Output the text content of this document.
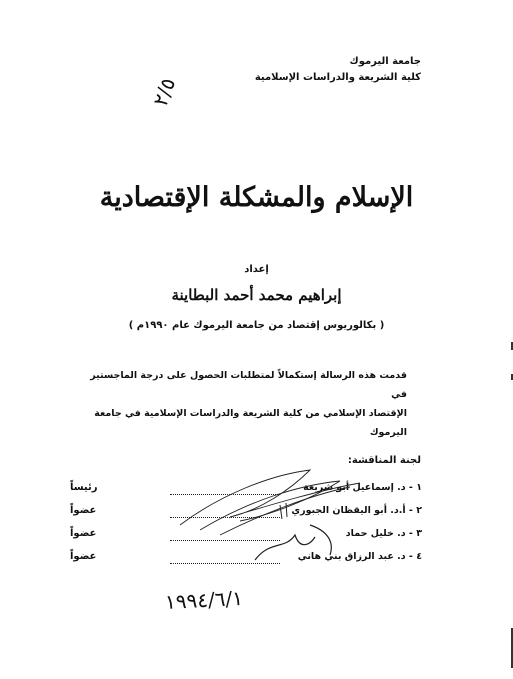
جامعة اليرموك
كلية الشريعة والدراسات الإسلامية
٢/٥
الإسلام والمشكلة الإقتصادية
إعداد
إبراهيم محمد أحمد البطاينة
( بكالوريوس إقتصاد من جامعة اليرموك عام ١٩٩٠م )
قدمت هذه الرسالة إستكمالاً لمتطلبات الحصول على درجة الماجستير في
الإقتصاد الإسلامي من كلية الشريعة والدراسات الإسلامية في جامعة اليرموك
لجنة المناقشة:
١ - د. إسماعيل أبو شريعة
رئيساً
٢ - أ.د. أبو اليقظان الجبوري
عضواً
٣ - د. خليل حماد
عضواً
٤ - د. عبد الرزاق بني هاني
عضواً
١٩٩٤/٦/١
